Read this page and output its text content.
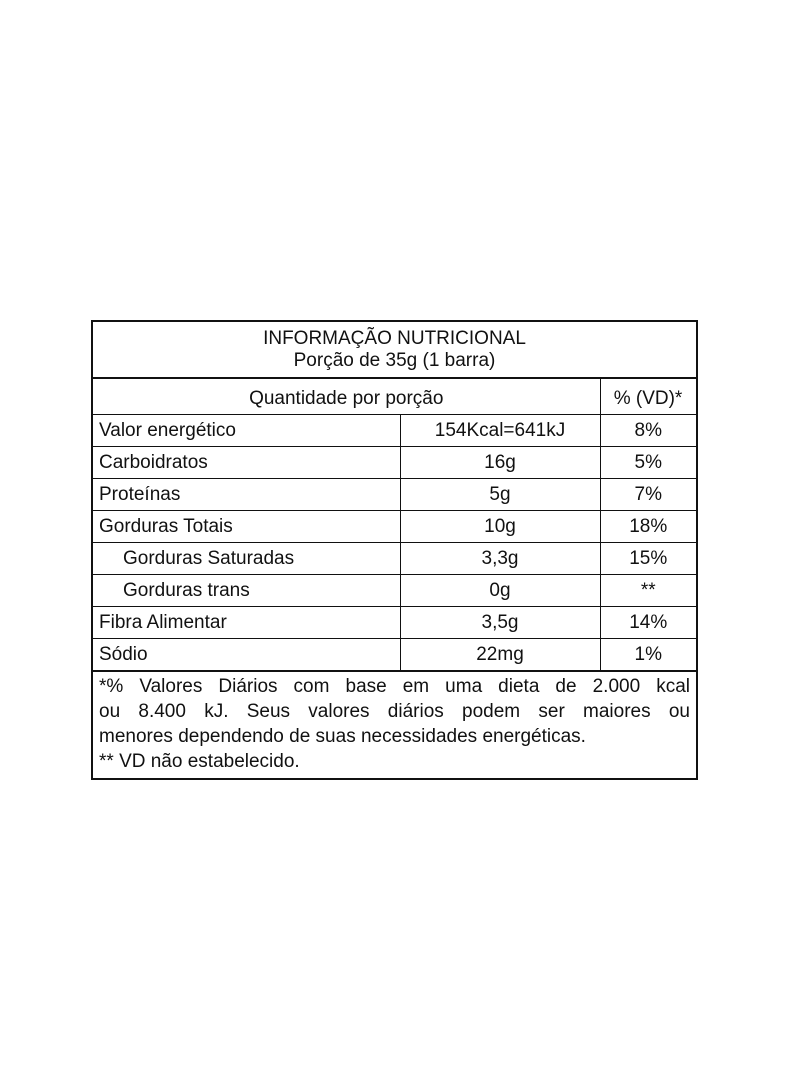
INFORMAÇÃO NUTRICIONAL
Porção de 35g (1 barra)
Quantidade por porção		% (VD)*
Valor energético	154Kcal=641kJ	8%
Carboidratos	16g	5%
Proteínas	5g	7%
Gorduras Totais	10g	18%
Gorduras Saturadas	3,3g	15%
Gorduras trans	0g	**
Fibra Alimentar	3,5g	14%
Sódio	22mg	1%
*% Valores Diários com base em uma dieta de 2.000 kcal
ou 8.400 kJ. Seus valores diários podem ser maiores ou
menores dependendo de suas necessidades energéticas.
** VD não estabelecido.
